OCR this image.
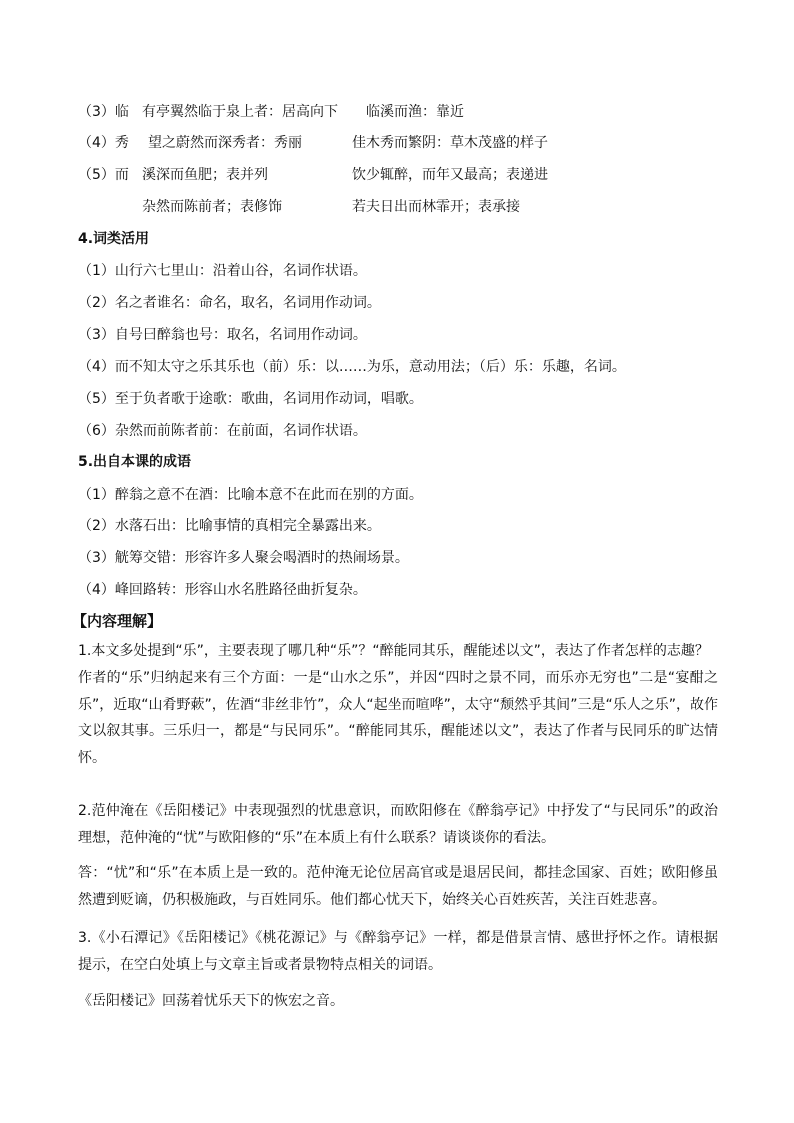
（3）临 有亭翼然临于泉上者：居高向下 临溪而渔：靠近
（4）秀 望之蔚然而深秀者：秀丽	佳木秀而繁阴：草木茂盛的样子
（5）而 溪深而鱼肥；表并列	饮少辄醉，而年又最高；表递进
杂然而陈前者；表修饰	若夫日出而林霏开；表承接
4.词类活用
（1）山行六七里山：沿着山谷，名词作状语。
（2）名之者谁名：命名，取名，名词用作动词。
（3）自号曰醉翁也号：取名，名词用作动词。
（4）而不知太守之乐其乐也（前）乐：以……为乐，意动用法；（后）乐：乐趣，名词。
（5）至于负者歌于途歌：歌曲，名词用作动词，唱歌。
（6）杂然而前陈者前：在前面，名词作状语。
5.出自本课的成语
（1）醉翁之意不在酒：比喻本意不在此而在别的方面。
（2）水落石出：比喻事情的真相完全暴露出来。
（3）觥筹交错：形容许多人聚会喝酒时的热闹场景。
（4）峰回路转：形容山水名胜路径曲折复杂。
【内容理解】
1.本文多处提到“乐”，主要表现了哪几种“乐”？“醉能同其乐，醒能述以文”，表达了作者怎样的志趣？
作者的“乐”归纳起来有三个方面：一是“山水之乐”，并因“四时之景不同，而乐亦无穷也”二是“宴酣之乐”，近取“山肴野蔌”，佐酒“非丝非竹”，众人“起坐而喧哗”，太守“颓然乎其间”三是“乐人之乐”，故作文以叙其事。三乐归一，都是“与民同乐”。“醉能同其乐，醒能述以文”，表达了作者与民同乐的旷达情怀。
2.范仲淹在《岳阳楼记》中表现强烈的忧患意识，而欧阳修在《醉翁亭记》中抒发了“与民同乐”的政治理想，范仲淹的“忧”与欧阳修的“乐”在本质上有什么联系？请谈谈你的看法。
答：“忧”和“乐”在本质上是一致的。范仲淹无论位居高官或是退居民间，都挂念国家、百姓；欧阳修虽然遭到贬谪，仍积极施政，与百姓同乐。他们都心忧天下，始终关心百姓疾苦，关注百姓悲喜。
3.《小石潭记》《岳阳楼记》《桃花源记》与《醉翁亭记》一样，都是借景言情、感世抒怀之作。请根据提示，在空白处填上与文章主旨或者景物特点相关的词语。
《岳阳楼记》回荡着忧乐天下的恢宏之音。
